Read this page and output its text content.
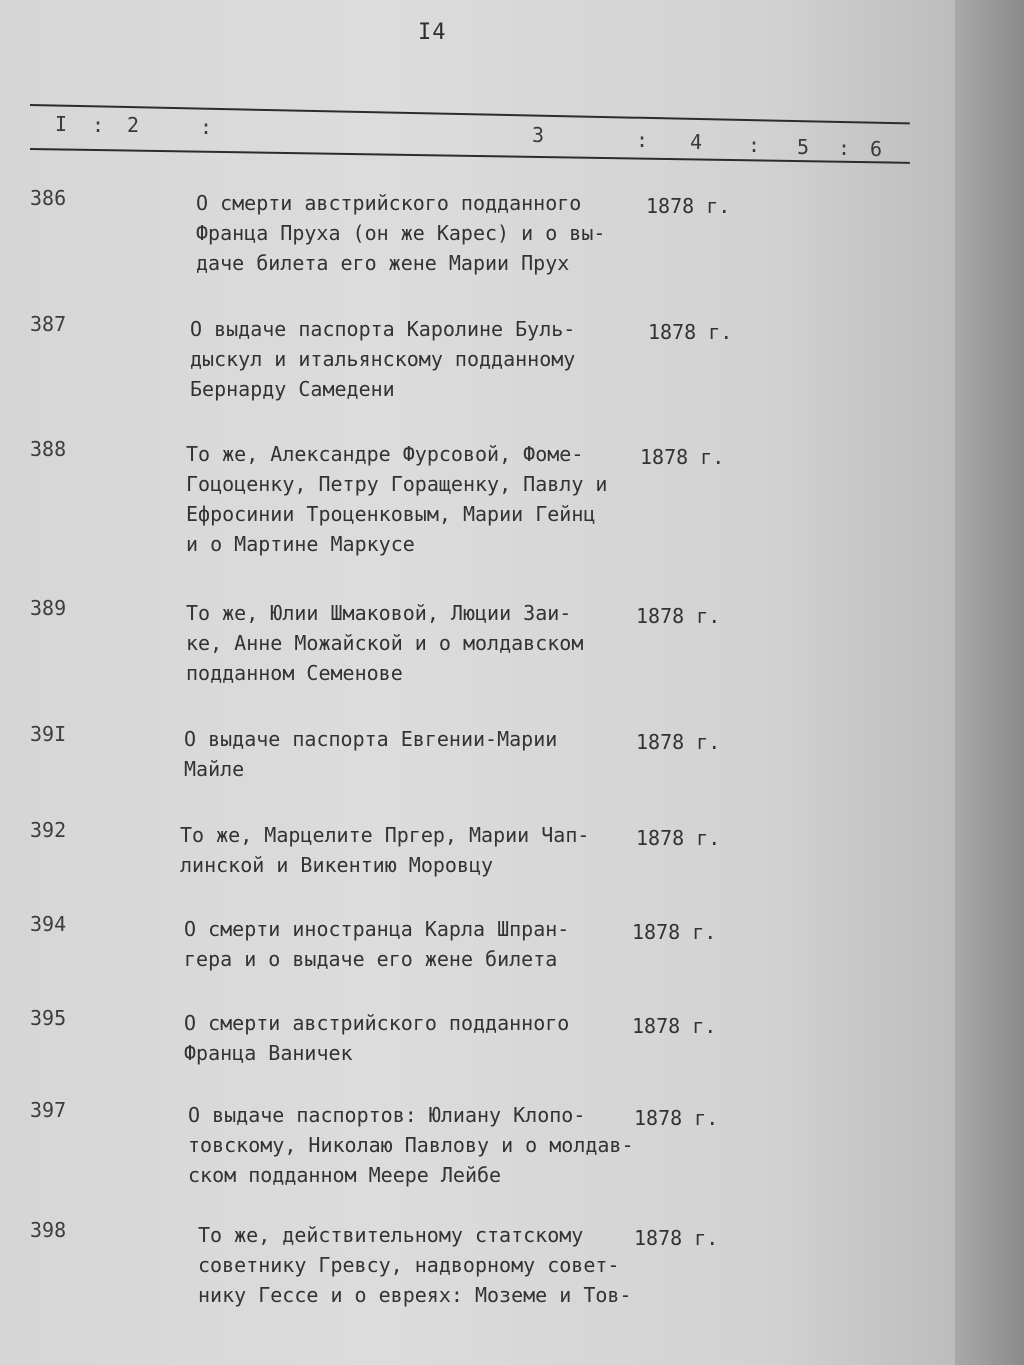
I4
I : 2	:	3	: 4 : 5 : 6
386	О смерти австрийского подданного
Франца Пруха (он же Карес) и о вы-
даче билета его жене Марии Прух
1878 г.
387	О выдаче паспорта Каролине Буль-
дыскул и итальянскому подданному
Бернарду Самедени
1878 г.
388	То же, Александре Фурсовой, Фоме-
Гоцоценку, Петру Горащенку, Павлу и
Ефросинии Троценковым, Марии Гейнц
и о Мартине Маркусе
1878 г.
389	То же, Юлии Шмаковой, Люции Заи-
ке, Анне Можайской и о молдавском
подданном Семенове
1878 г.
39I	О выдаче паспорта Евгении-Марии
Майле
1878 г.
392	То же, Марцелите Пргер, Марии Чап-
линской и Викентию Моровцу
1878 г.
394	О смерти иностранца Карла Шпран-
гера и о выдаче его жене билета
1878 г.
395	О смерти австрийского подданного
Франца Ваничек
1878 г.
397	О выдаче паспортов: Юлиану Клопо-
товскому, Николаю Павлову и о молдав-
ском подданном Меере Лейбе
1878 г.
398	То же, действительному статскому
советнику Гревсу, надворному совет-
нику Гессе и о евреях: Моземе и Тов-
1878 г.
